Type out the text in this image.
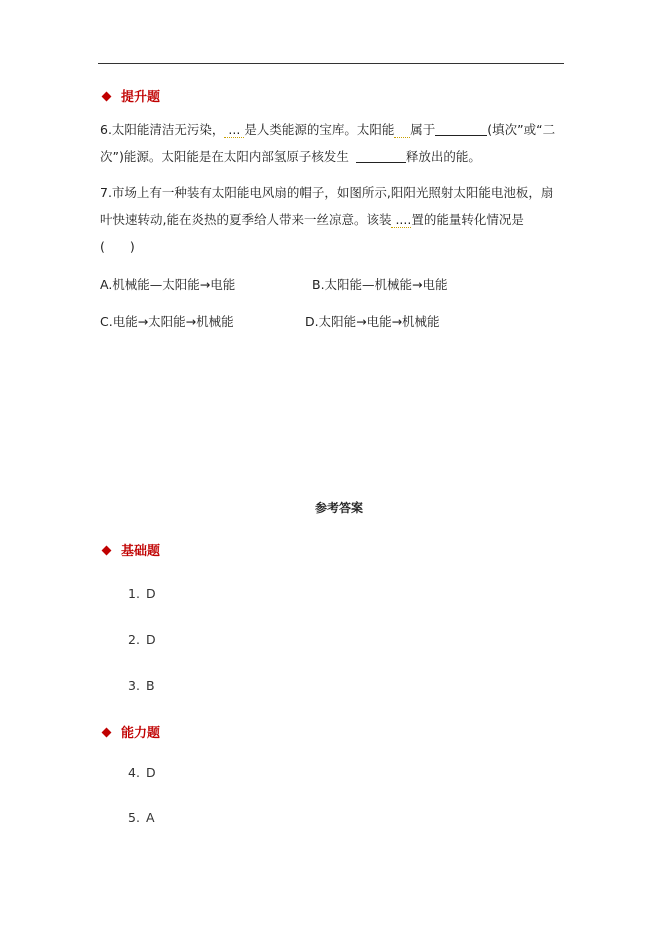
提升题
6.太阳能清洁无污染， ... 是人类能源的宝库。太阳能 属于	(填次”或“二
次”)能源。太阳能是在太阳内部氢原子核发生	释放出的能。
7.市场上有一种装有太阳能电风扇的帽子，如图所示,阳阳光照射太阳能电池板，扇
叶快速转动,能在炎热的夏季给人带来一丝凉意。该装 ....置的能量转化情况是
(　　)
A.机械能—太阳能→电能	B.太阳能—机械能→电能
C.电能→太阳能→机械能	D.太阳能→电能→机械能
参考答案
基础题
1. D
2. D
3. B
能力题
4. D
5. A
